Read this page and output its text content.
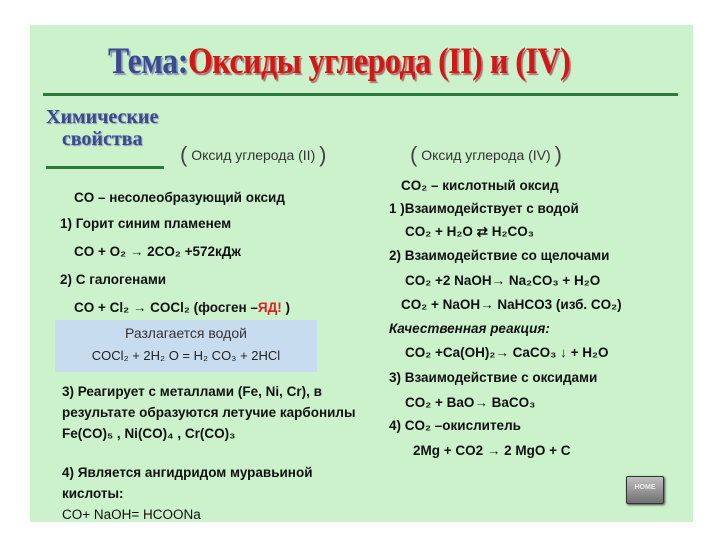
Тема:Оксиды углерода (II) и (IV)
Химические
свойства
( Оксид углерода (II) )	( Оксид углерода (IV) )
CO – несолеобразующий оксид
1) Горит синим пламенем
CO + O₂ → 2CO₂ +572кДж
2) С галогенами
CO + Cl₂ → COCl₂ (фосген –ЯД! )
Разлагается водой
COCl₂ + 2H₂ O = H₂ CO₃ + 2HCl
3) Реагирует с металлами (Fe, Ni, Cr), в результате образуются летучие карбонилы Fe(CO)₅ , Ni(CO)₄ , Cr(CO)₃
4) Является ангидридом муравьиной кислоты:
CO+ NaOH= HCOONa
CO₂ – кислотный оксид
1 )Взаимодействует с водой
CO₂ + H₂O ⇄ H₂CO₃
2) Взаимодействие со щелочами
CO₂ +2 NaOH→ Na₂CO₃ + H₂O
CO₂ + NaOH→ NaHCO3 (изб. CO₂)
Качественная реакция:
CO₂ +Ca(OH)₂→ CaCO₃ ↓ + H₂O
3) Взаимодействие с оксидами
CO₂ + BaO→ BaCO₃
4) CO₂ –окислитель
2Mg + CO2 → 2 MgO + C
HOME
